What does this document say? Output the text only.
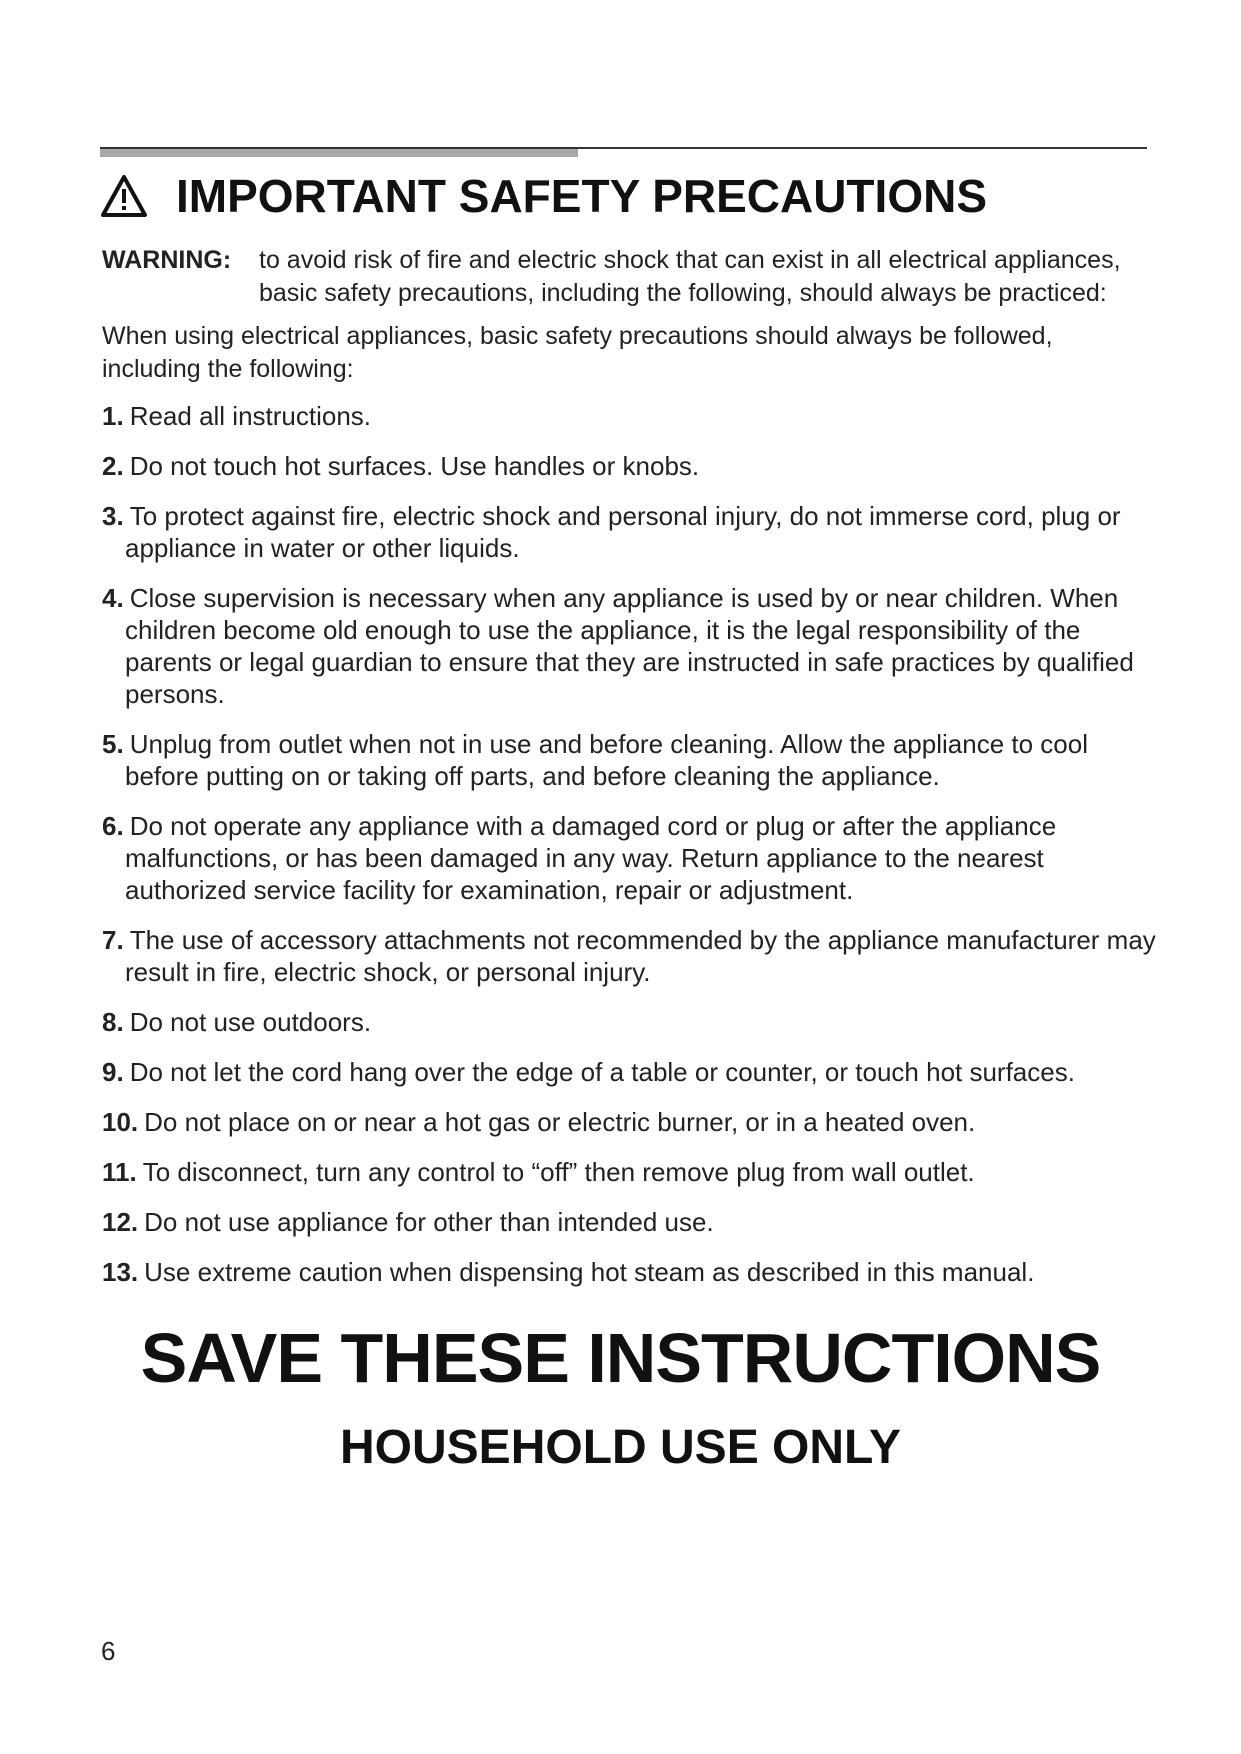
IMPORTANT SAFETY PRECAUTIONS
WARNING: to avoid risk of fire and electric shock that can exist in all electrical appliances, basic safety precautions, including the following, should always be practiced:
When using electrical appliances, basic safety precautions should always be followed, including the following:
1. Read all instructions.
2. Do not touch hot surfaces. Use handles or knobs.
3. To protect against fire, electric shock and personal injury, do not immerse cord, plug or appliance in water or other liquids.
4. Close supervision is necessary when any appliance is used by or near children. When children become old enough to use the appliance, it is the legal responsibility of the parents or legal guardian to ensure that they are instructed in safe practices by qualified persons.
5. Unplug from outlet when not in use and before cleaning. Allow the appliance to cool before putting on or taking off parts, and before cleaning the appliance.
6. Do not operate any appliance with a damaged cord or plug or after the appliance malfunctions, or has been damaged in any way. Return appliance to the nearest authorized service facility for examination, repair or adjustment.
7. The use of accessory attachments not recommended by the appliance manufacturer may result in fire, electric shock, or personal injury.
8. Do not use outdoors.
9. Do not let the cord hang over the edge of a table or counter, or touch hot surfaces.
10. Do not place on or near a hot gas or electric burner, or in a heated oven.
11. To disconnect, turn any control to “off” then remove plug from wall outlet.
12. Do not use appliance for other than intended use.
13. Use extreme caution when dispensing hot steam as described in this manual.
SAVE THESE INSTRUCTIONS
HOUSEHOLD USE ONLY
6
